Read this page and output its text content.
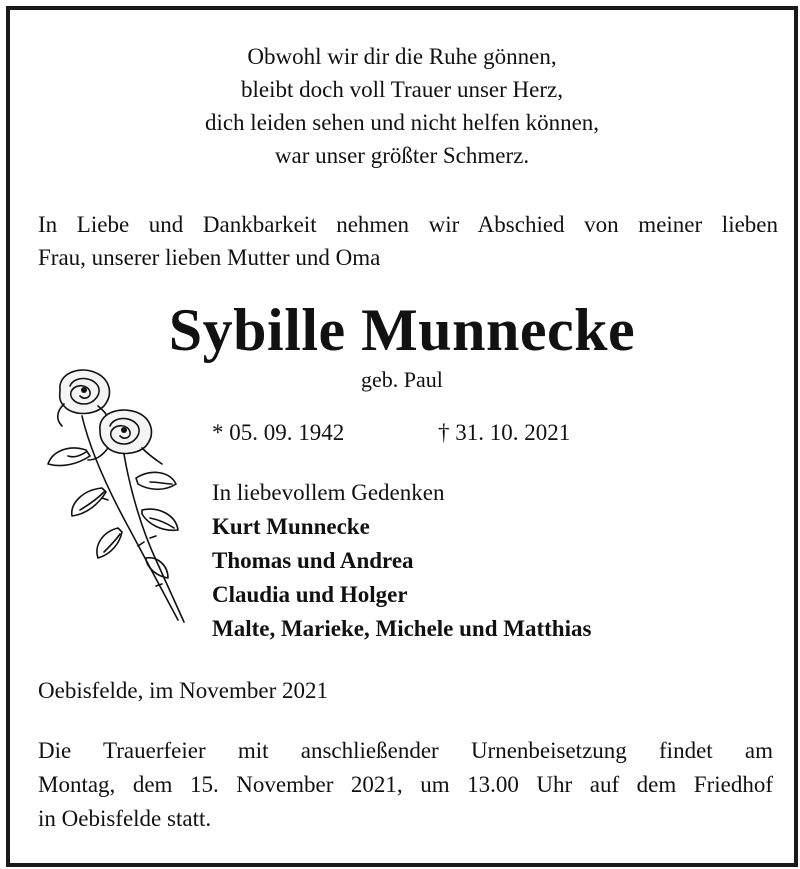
Obwohl wir dir die Ruhe gönnen,
bleibt doch voll Trauer unser Herz,
dich leiden sehen und nicht helfen können,
war unser größter Schmerz.
In Liebe und Dankbarkeit nehmen wir Abschied von meiner lieben
Frau, unserer lieben Mutter und Oma
Sybille Munnecke
geb. Paul
* 05. 09. 1942	† 31. 10. 2021
In liebevollem Gedenken
Kurt Munnecke
Thomas und Andrea
Claudia und Holger
Malte, Marieke, Michele und Matthias
Oebisfelde, im November 2021
Die Trauerfeier mit anschließender Urnenbeisetzung findet am
Montag, dem 15. November 2021, um 13.00 Uhr auf dem Friedhof
in Oebisfelde statt.
